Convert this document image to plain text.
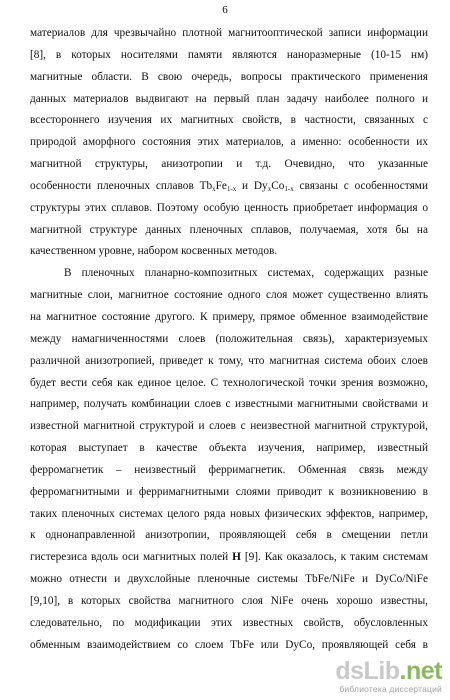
6
материалов для чрезвычайно плотной магнитооптической записи информации
[8], в которых носителями памяти являются наноразмерные (10-15 нм)
магнитные области. В свою очередь, вопросы практического применения
данных материалов выдвигают на первый план задачу наиболее полного и
всестороннего изучения их магнитных свойств, в частности, связанных с
природой аморфного состояния этих материалов, а именно: особенности их
магнитной структуры, анизотропии и т.д. Очевидно, что указанные
особенности пленочных сплавов $Tb_xFe_{1-x}$ и $Dy_xCo_{1-x}$ связаны с особенностями
структуры этих сплавов. Поэтому особую ценность приобретает информация о
магнитной структуре данных пленочных сплавов, получаемая, хотя бы на
качественном уровне, набором косвенных методов.
В пленочных планарно-композитных системах, содержащих разные
магнитные слои, магнитное состояние одного слоя может существенно влиять
на магнитное состояние другого. К примеру, прямое обменное взаимодействие
между намагниченностями слоев (положительная связь), характеризуемых
различной анизотропией, приведет к тому, что магнитная система обоих слоев
будет вести себя как единое целое. С технологической точки зрения возможно,
например, получать комбинации слоев с известными магнитными свойствами и
известной магнитной структурой и слоев с неизвестной магнитной структурой,
которая выступает в качестве объекта изучения, например, известный
ферромагнетик – неизвестный ферримагнетик. Обменная связь между
ферромагнитными и ферримагнитными слоями приводит к возникновению в
таких пленочных системах целого ряда новых физических эффектов, например,
к однонаправленной анизотропии, проявляющей себя в смещении петли
гистерезиса вдоль оси магнитных полей H [9]. Как оказалось, к таким системам
можно отнести и двухслойные пленочные системы TbFe/NiFe и DyCo/NiFe
[9,10], в которых свойства магнитного слоя NiFe очень хорошо известны,
следовательно, по модификации этих известных свойств, обусловленных
обменным взаимодействием со слоем TbFe или DyCo, проявляющей себя в
dsLib.net
библиотека диссертаций
